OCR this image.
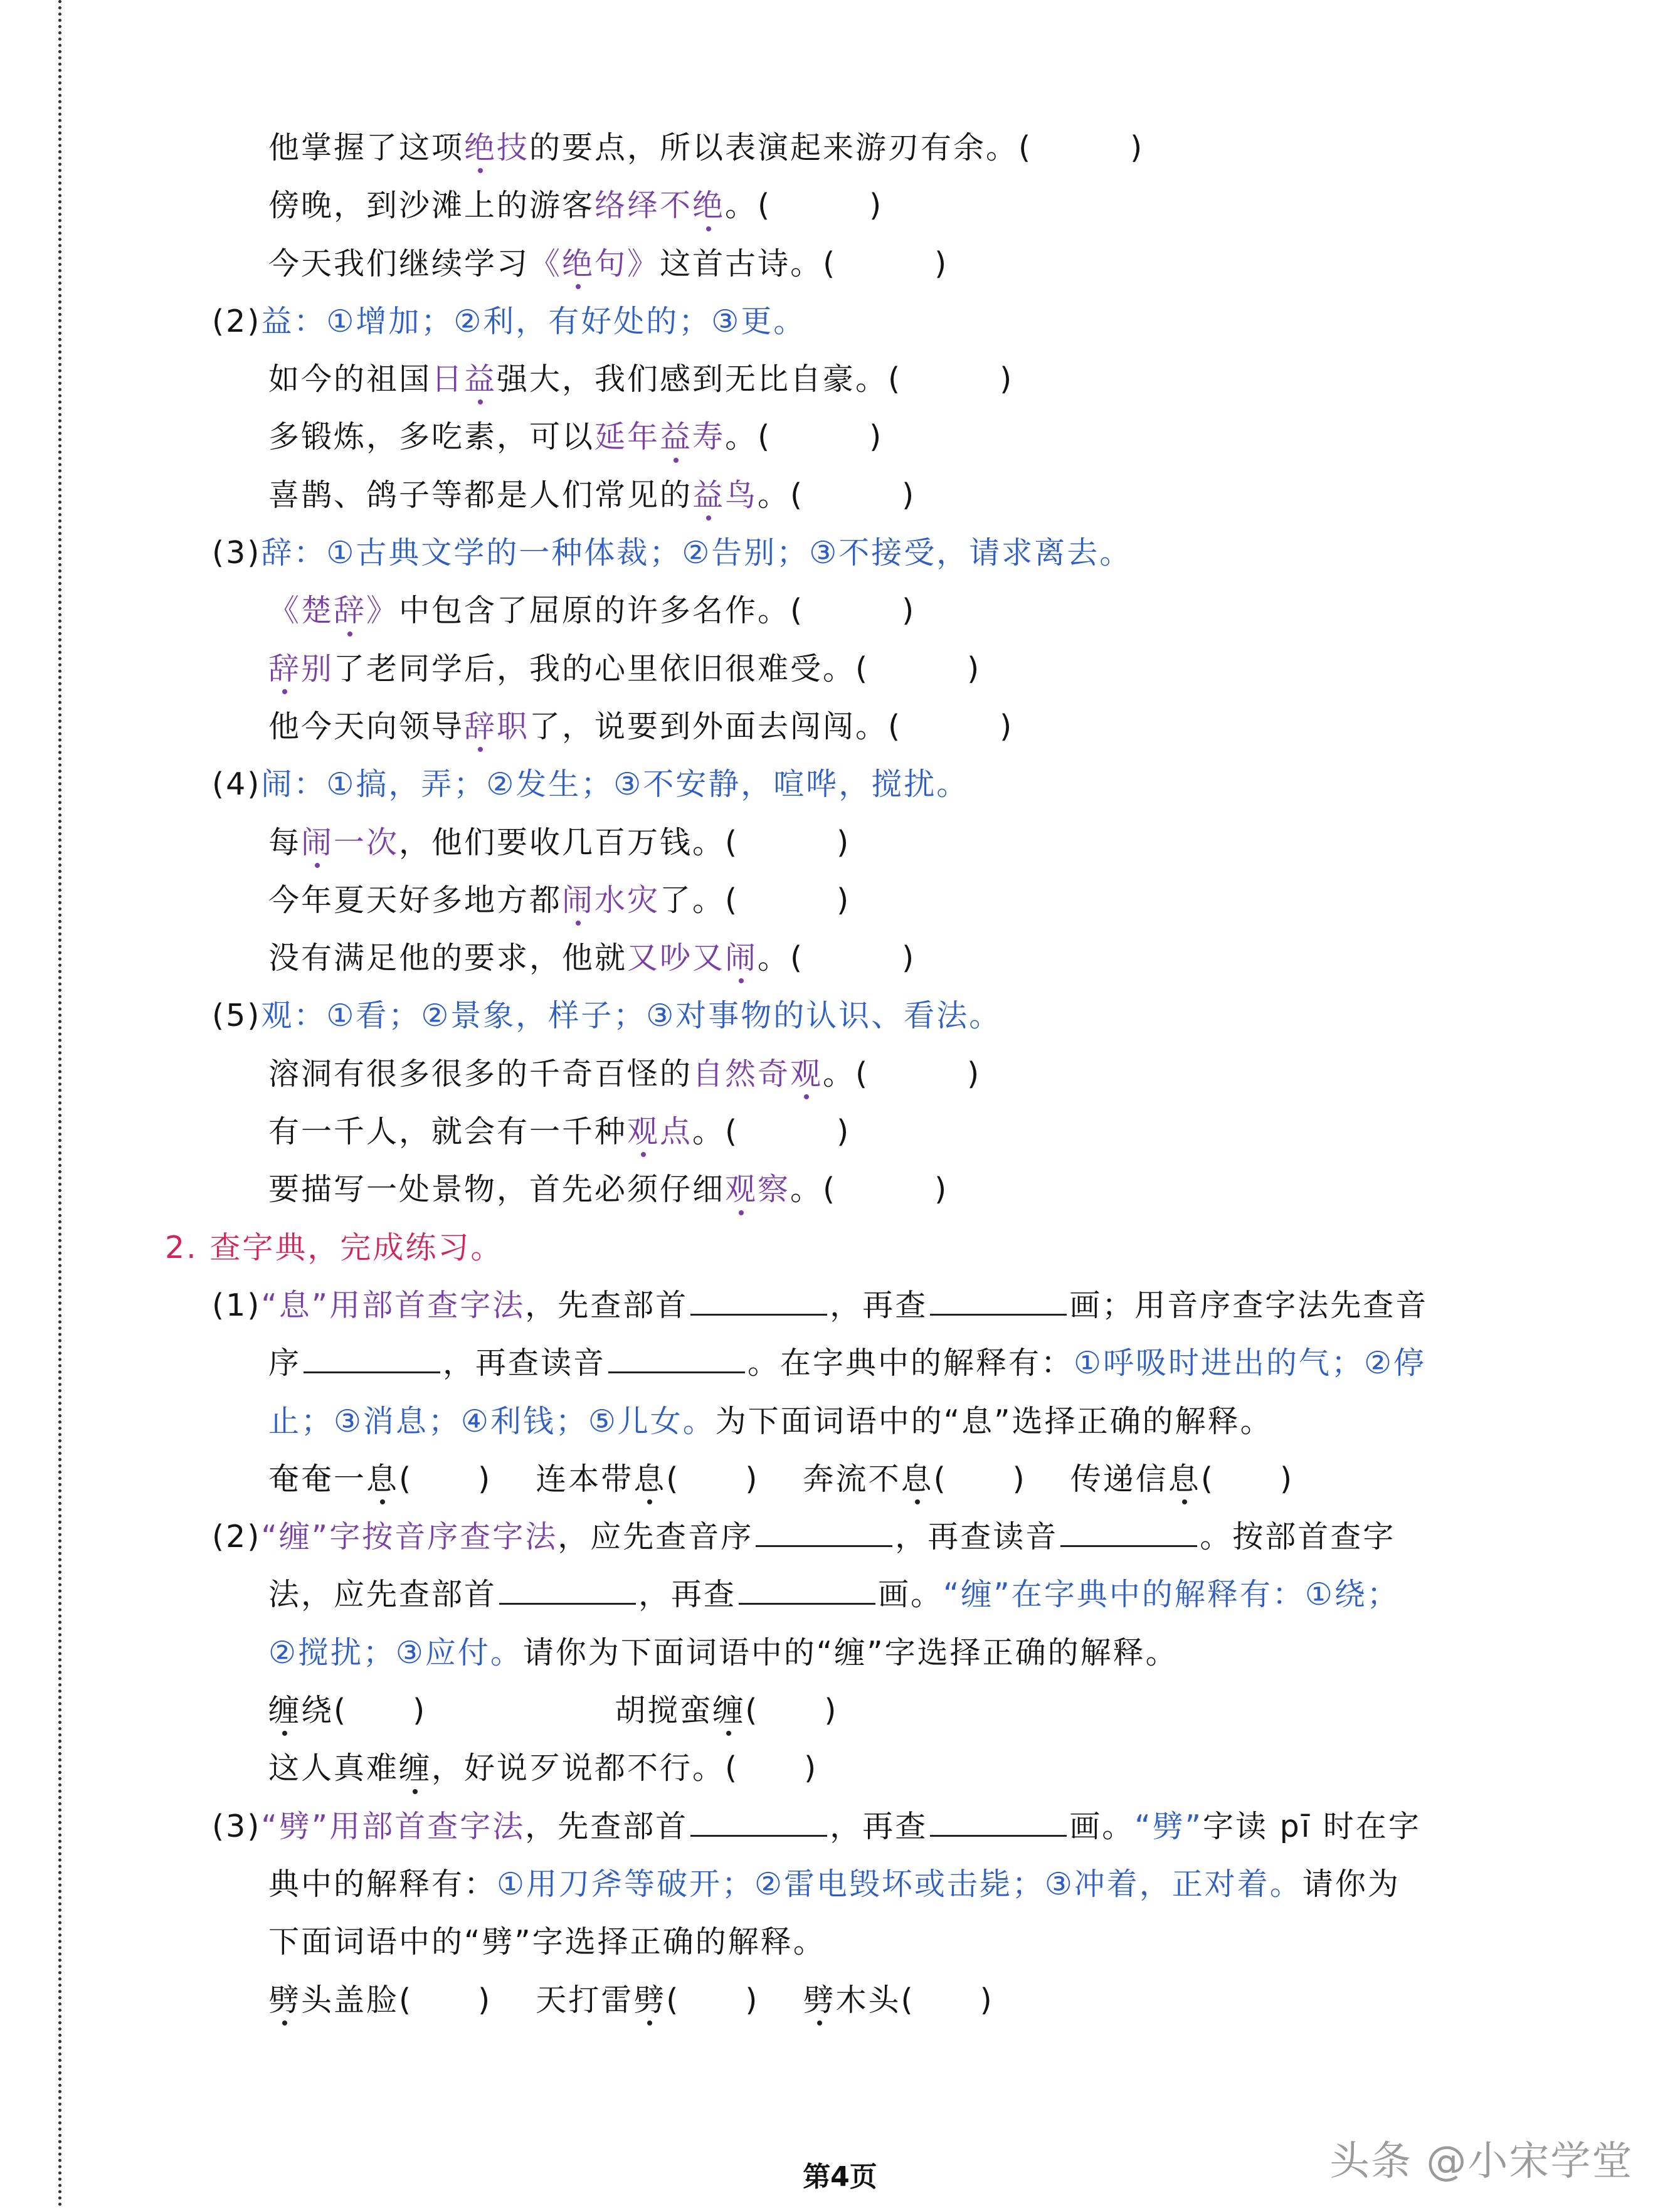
他掌握了这项绝技的要点，所以表演起来游刃有余。(　　　)
傍晚，到沙滩上的游客络绎不绝。(　　　)
今天我们继续学习《绝句》这首古诗。(　　　)
(2)益：①增加；②利，有好处的；③更。
如今的祖国日益强大，我们感到无比自豪。(　　　)
多锻炼，多吃素，可以延年益寿。(　　　)
喜鹊、鸽子等都是人们常见的益鸟。(　　　)
(3)辞：①古典文学的一种体裁；②告别；③不接受，请求离去。
《楚辞》中包含了屈原的许多名作。(　　　)
辞别了老同学后，我的心里依旧很难受。(　　　)
他今天向领导辞职了，说要到外面去闯闯。(　　　)
(4)闹：①搞，弄；②发生；③不安静，喧哗，搅扰。
每闹一次，他们要收几百万钱。(　　　)
今年夏天好多地方都闹水灾了。(　　　)
没有满足他的要求，他就又吵又闹。(　　　)
(5)观：①看；②景象，样子；③对事物的认识、看法。
溶洞有很多很多的千奇百怪的自然奇观。(　　　)
有一千人，就会有一千种观点。(　　　)
要描写一处景物，首先必须仔细观察。(　　　)
2. 查字典，完成练习。
(1)“息”用部首查字法，先查部首	，再查	画；用音序查字法先查音
序	，再查读音	。在字典中的解释有：①呼吸时进出的气；②停
止；③消息；④利钱；⑤儿女。为下面词语中的“息”选择正确的解释。
奄奄一息(　　) 连本带息(　　) 奔流不息(　　) 传递信息(　　)
(2)“缠”字按音序查字法，应先查音序	，再查读音	。按部首查字
法，应先查部首	，再查	画。“缠”在字典中的解释有：①绕；
②搅扰；③应付。请你为下面词语中的“缠”字选择正确的解释。
缠绕(　　)	胡搅蛮缠(　　)
这人真难缠，好说歹说都不行。(　　)
(3)“劈”用部首查字法，先查部首	，再查	画。“劈”字读 pī 时在字
典中的解释有：①用刀斧等破开；②雷电毁坏或击毙；③冲着，正对着。请你为
下面词语中的“劈”字选择正确的解释。
劈头盖脸(　　) 天打雷劈(　　) 劈木头(　　)
第4页	头条 @小宋学堂
